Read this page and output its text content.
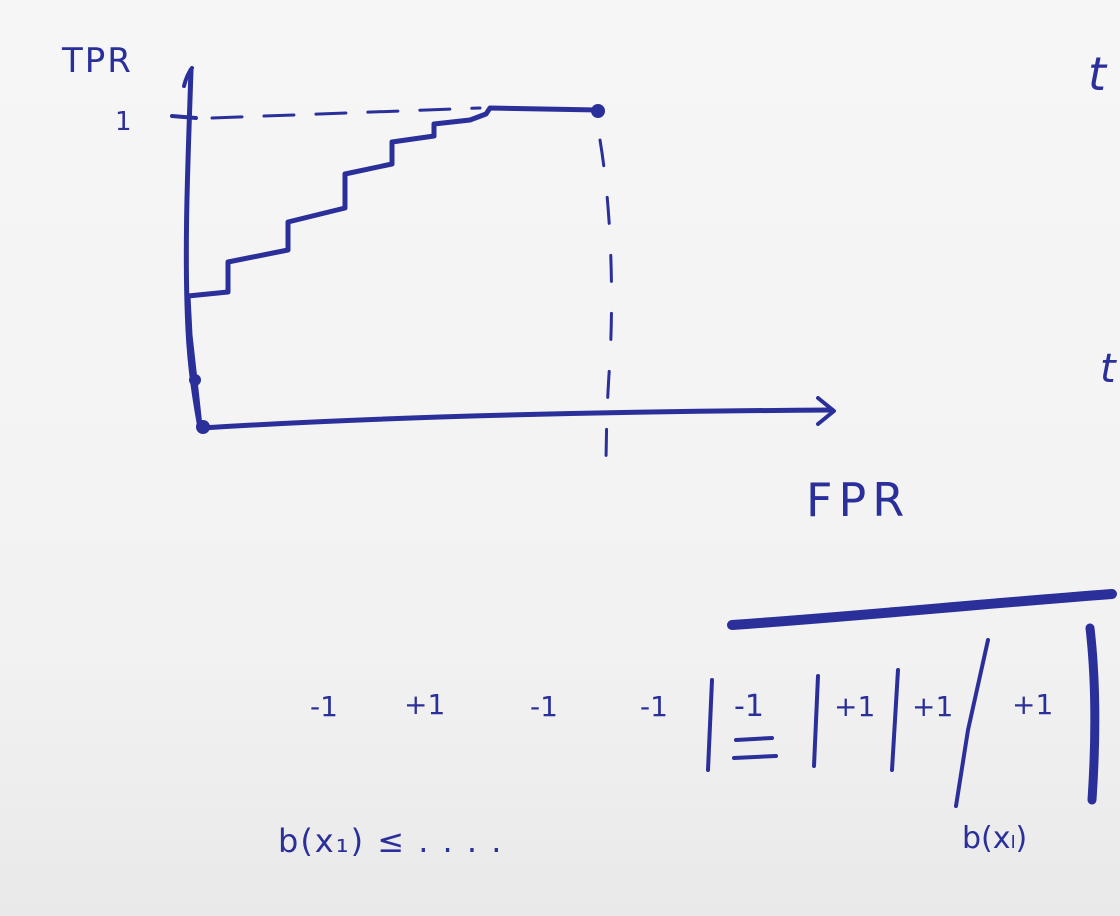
1
TPR
FPR
-1 +1	-1	-1 -1	+1 +1 +1
b(x₁) ≤ . . . .	b(xₗ)
t
t
